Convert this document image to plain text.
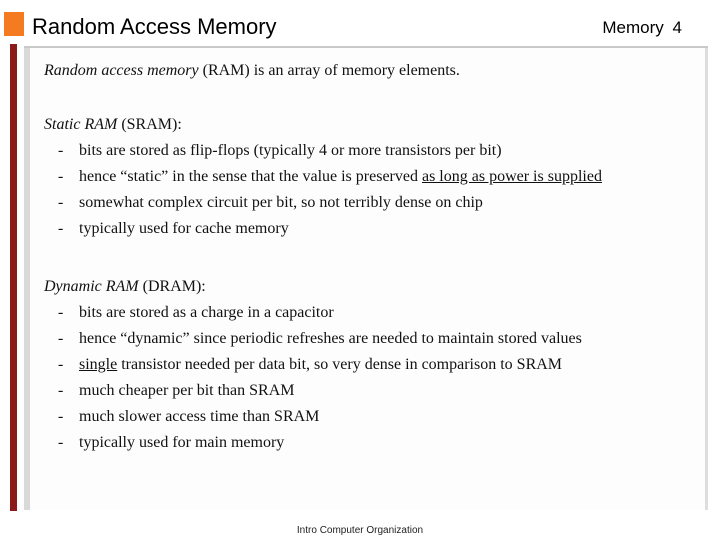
Random Access Memory	Memory 4

Random access memory (RAM) is an array of memory elements.

Static RAM (SRAM):

- bits are stored as flip-flops (typically 4 or more transistors per bit)
- hence “static” in the sense that the value is preserved as long as power is supplied
- somewhat complex circuit per bit, so not terribly dense on chip
- typically used for cache memory

Dynamic RAM (DRAM):

- bits are stored as a charge in a capacitor
- hence “dynamic” since periodic refreshes are needed to maintain stored values
- single transistor needed per data bit, so very dense in comparison to SRAM
- much cheaper per bit than SRAM
- much slower access time than SRAM
- typically used for main memory
Intro Computer Organization
